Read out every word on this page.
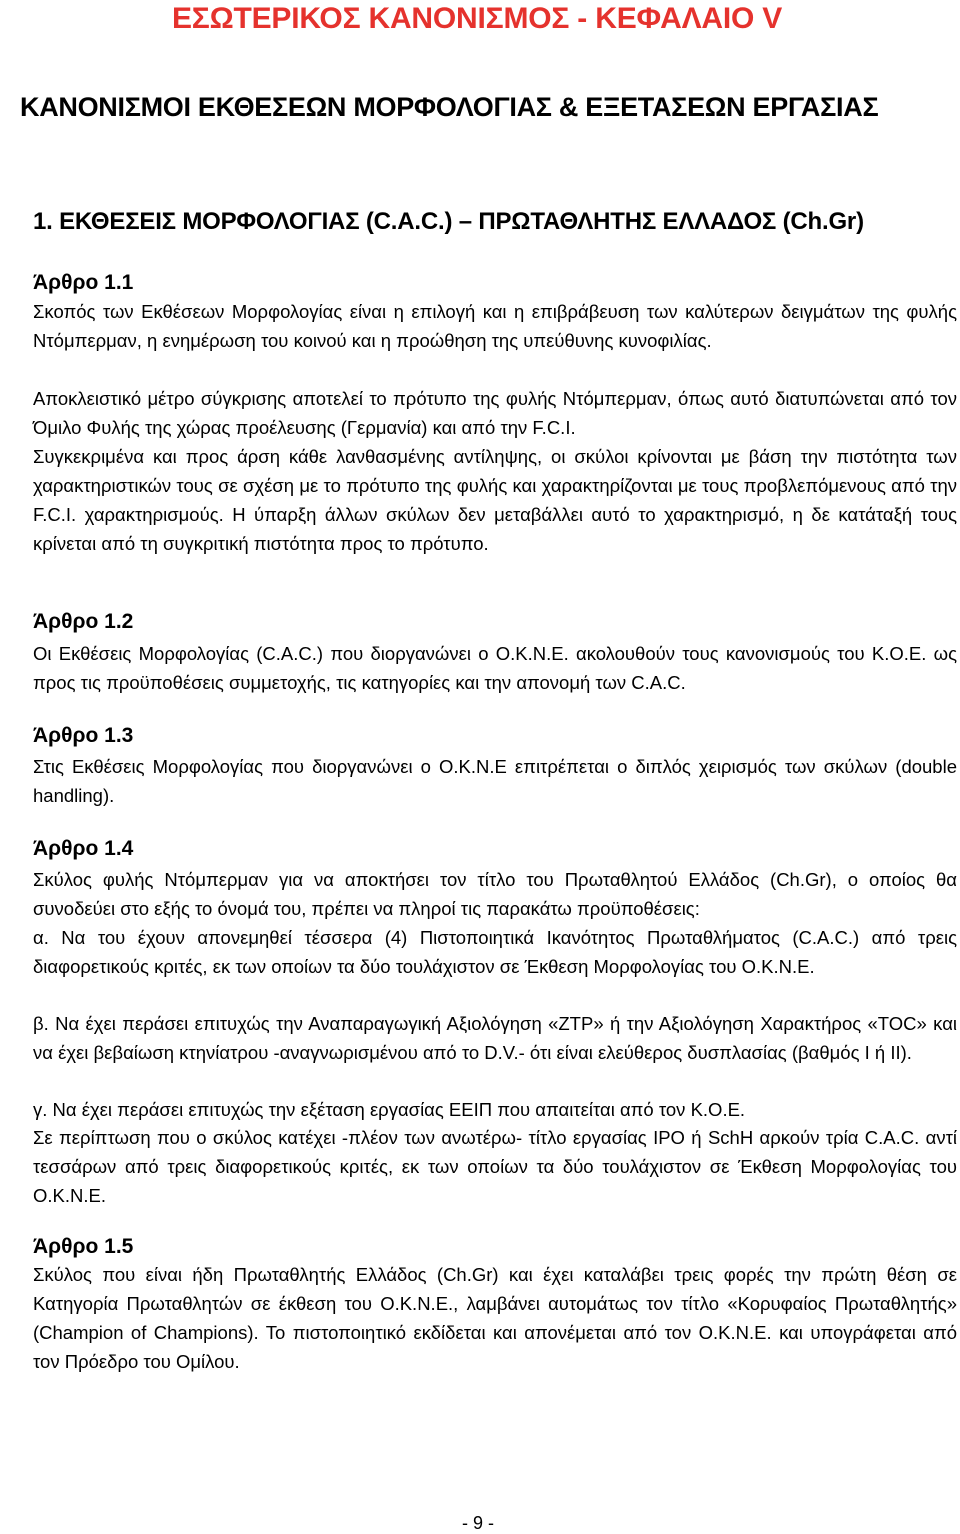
ΕΣΩΤΕΡΙΚΟΣ ΚΑΝΟΝΙΣΜΟΣ - ΚΕΦΑΛΑΙΟ V
ΚΑΝΟΝΙΣΜΟΙ ΕΚΘΕΣΕΩΝ ΜΟΡΦΟΛΟΓΙΑΣ & ΕΞΕΤΑΣΕΩΝ ΕΡΓΑΣΙΑΣ
1. ΕΚΘΕΣΕΙΣ ΜΟΡΦΟΛΟΓΙΑΣ (C.A.C.) – ΠΡΩΤΑΘΛΗΤΗΣ ΕΛΛΑΔΟΣ (Ch.Gr)
Άρθρο 1.1

Σκοπός των Εκθέσεων Μορφολογίας είναι η επιλογή και η επιβράβευση των καλύτερων δειγμάτων της φυλής Ντόμπερμαν, η ενημέρωση του κοινού και η προώθηση της υπεύθυνης κυνοφιλίας.

Αποκλειστικό μέτρο σύγκρισης αποτελεί το πρότυπο της φυλής Ντόμπερμαν, όπως αυτό διατυπώνεται από τον Όμιλο Φυλής της χώρας προέλευσης (Γερμανία) και από την F.C.I.

Συγκεκριμένα και προς άρση κάθε λανθασμένης αντίληψης, οι σκύλοι κρίνονται με βάση την πιστότητα των χαρακτηριστικών τους σε σχέση με το πρότυπο της φυλής και χαρακτηρίζονται με τους προβλεπόμενους από την F.C.I. χαρακτηρισμούς. Η ύπαρξη άλλων σκύλων δεν μεταβάλλει αυτό το χαρακτηρισμό, η δε κατάταξή τους κρίνεται από τη συγκριτική πιστότητα προς το πρότυπο.

Άρθρο 1.2

Οι Εκθέσεις Μορφολογίας (C.A.C.) που διοργανώνει ο Ο.Κ.Ν.Ε. ακολουθούν τους κανονισμούς του Κ.Ο.Ε. ως προς τις προϋποθέσεις συμμετοχής, τις κατηγορίες και την απονομή των C.A.C.

Άρθρο 1.3

Στις Εκθέσεις Μορφολογίας που διοργανώνει ο Ο.Κ.Ν.Ε επιτρέπεται ο διπλός χειρισμός των σκύλων (double handling).

Άρθρο 1.4

Σκύλος φυλής Ντόμπερμαν για να αποκτήσει τον τίτλο του Πρωταθλητού Ελλάδος (Ch.Gr), ο οποίος θα συνοδεύει στο εξής το όνομά του, πρέπει να πληροί τις παρακάτω προϋποθέσεις:

α. Να του έχουν απονεμηθεί τέσσερα (4) Πιστοποιητικά Ικανότητος Πρωταθλήματος (C.A.C.) από τρεις διαφορετικούς κριτές, εκ των οποίων τα δύο τουλάχιστον σε Έκθεση Μορφολογίας του Ο.Κ.Ν.Ε.

β. Να έχει περάσει επιτυχώς την Αναπαραγωγική Αξιολόγηση «ZTP» ή την Αξιολόγηση Χαρακτήρος «TOC» και να έχει βεβαίωση κτηνίατρου -αναγνωρισμένου από το D.V.- ότι είναι ελεύθερος δυσπλασίας (βαθμός I ή II).

γ. Να έχει περάσει επιτυχώς την εξέταση εργασίας ΕΕΙΠ που απαιτείται από τον Κ.Ο.Ε.

Σε περίπτωση που ο σκύλος κατέχει -πλέον των ανωτέρω- τίτλο εργασίας IPO ή SchH αρκούν τρία C.A.C. αντί τεσσάρων από τρεις διαφορετικούς κριτές, εκ των οποίων τα δύο τουλάχιστον σε Έκθεση Μορφολογίας του Ο.Κ.Ν.Ε.

Άρθρο 1.5

Σκύλος που είναι ήδη Πρωταθλητής Ελλάδος (Ch.Gr) και έχει καταλάβει τρεις φορές την πρώτη θέση σε Κατηγορία Πρωταθλητών σε έκθεση του Ο.Κ.Ν.Ε., λαμβάνει αυτομάτως τον τίτλο «Κορυφαίος Πρωταθλητής» (Champion of Champions). Το πιστοποιητικό εκδίδεται και απονέμεται από τον Ο.Κ.Ν.Ε. και υπογράφεται από τον Πρόεδρο του Ομίλου.

- 9 -
